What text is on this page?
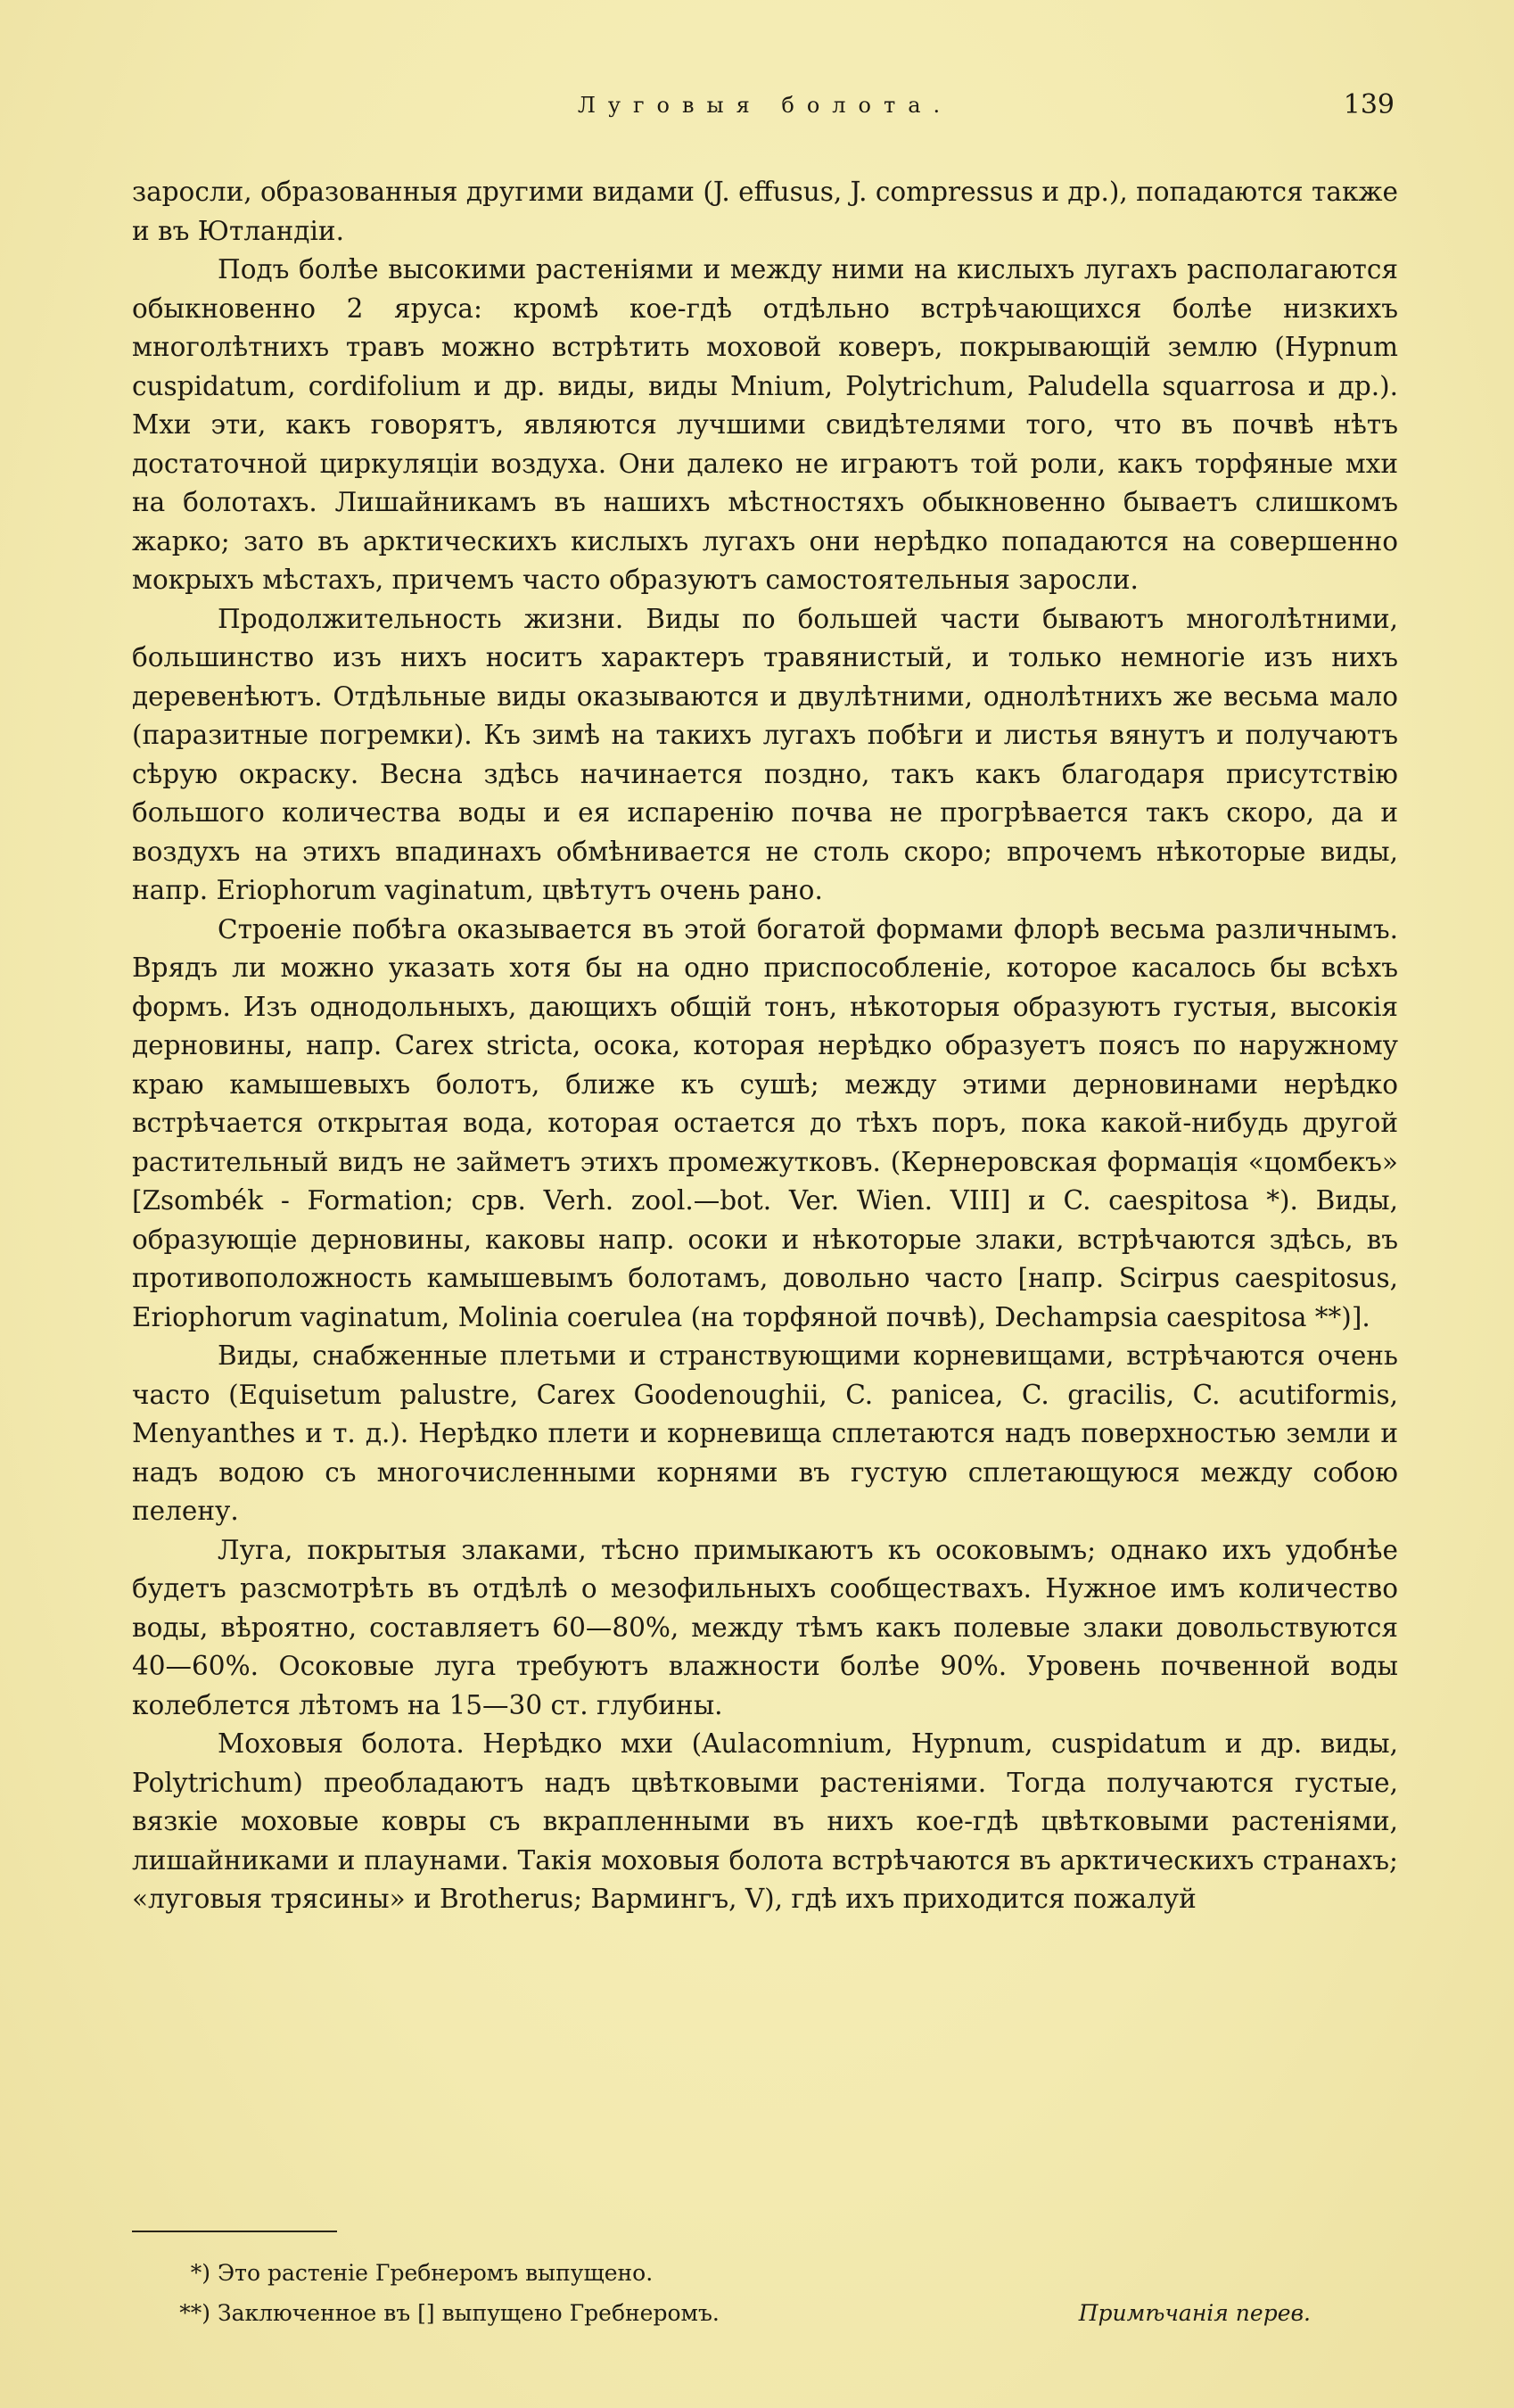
Луговыя болота.	139

заросли, образованныя другими видами (J. effusus, J. compressus и др.), попадаются также и въ Ютландіи.

Подъ болѣе высокими растеніями и между ними на кислыхъ лугахъ располагаются обыкновенно 2 яруса: кромѣ кое-гдѣ отдѣльно встрѣчающихся болѣе низкихъ многолѣтнихъ травъ можно встрѣтить моховой коверъ, покрывающій землю (Hypnum cuspidatum, cordifolium и др. виды, виды Mnium, Polytrichum, Paludella squarrosa и др.). Мхи эти, какъ говорятъ, являются лучшими свидѣтелями того, что въ почвѣ нѣтъ достаточной циркуляціи воздуха. Они далеко не играютъ той роли, какъ торфяные мхи на болотахъ. Лишайникамъ въ нашихъ мѣстностяхъ обыкновенно бываетъ слишкомъ жарко; зато въ арктическихъ кислыхъ лугахъ они нерѣдко попадаются на совершенно мокрыхъ мѣстахъ, причемъ часто образуютъ самостоятельныя заросли.

Продолжительность жизни. Виды по большей части бываютъ многолѣтними, большинство изъ нихъ носитъ характеръ травянистый, и только немногіе изъ нихъ деревенѣютъ. Отдѣльные виды оказываются и двулѣтними, однолѣтнихъ же весьма мало (паразитные погремки). Къ зимѣ на такихъ лугахъ побѣги и листья вянутъ и получаютъ сѣрую окраску. Весна здѣсь начинается поздно, такъ какъ благодаря присутствію большого количества воды и ея испаренію почва не прогрѣвается такъ скоро, да и воздухъ на этихъ впадинахъ обмѣнивается не столь скоро; впрочемъ нѣкоторые виды, напр. Eriophorum vaginatum, цвѣтутъ очень рано.

Строеніе побѣга оказывается въ этой богатой формами флорѣ весьма различнымъ. Врядъ ли можно указать хотя бы на одно приспособленіе, которое касалось бы всѣхъ формъ. Изъ однодольныхъ, дающихъ общій тонъ, нѣкоторыя образуютъ густыя, высокія дерновины, напр. Carex stricta, осока, которая нерѣдко образуетъ поясъ по наружному краю камышевыхъ болотъ, ближе къ сушѣ; между этими дерновинами нерѣдко встрѣчается открытая вода, которая остается до тѣхъ поръ, пока какой-нибудь другой растительный видъ не займетъ этихъ промежутковъ. (Кернеровская формація «цомбекъ» [Zsombék - Formation; срв. Verh. zool.—bot. Ver. Wien. VIII] и C. caespitosa *). Виды, образующіе дерновины, каковы напр. осоки и нѣкоторые злаки, встрѣчаются здѣсь, въ противоположность камышевымъ болотамъ, довольно часто [напр. Scirpus caespitosus, Eriophorum vaginatum, Molinia coerulea (на торфяной почвѣ), Dechampsia caespitosa **)].

Виды, снабженные плетьми и странствующими корневищами, встрѣчаются очень часто (Equisetum palustre, Carex Goodenoughii, C. panicea, C. gracilis, C. acutiformis, Menyanthes и т. д.). Нерѣдко плети и корневища сплетаются надъ поверхностью земли и надъ водою съ многочисленными корнями въ густую сплетающуюся между собою пелену.

Луга, покрытыя злаками, тѣсно примыкаютъ къ осоковымъ; однако ихъ удобнѣе будетъ разсмотрѣть въ отдѣлѣ о мезофильныхъ сообществахъ. Нужное имъ количество воды, вѣроятно, составляетъ 60—80%, между тѣмъ какъ полевые злаки довольствуются 40—60%. Осоковые луга требуютъ влажности болѣе 90%. Уровень почвенной воды колеблется лѣтомъ на 15—30 ст. глубины.

Моховыя болота. Нерѣдко мхи (Aulacomnium, Hypnum, cuspidatum и др. виды, Polytrichum) преобладаютъ надъ цвѣтковыми растеніями. Тогда получаются густые, вязкіе моховые ковры съ вкрапленными въ нихъ кое-гдѣ цвѣтковыми растеніями, лишайниками и плаунами. Такія моховыя болота встрѣчаются въ арктическихъ странахъ; «луговыя трясины» и Brotherus; Вармингъ, V), гдѣ ихъ приходится пожалуй

*) Это растеніе Гребнеромъ выпущено.
**) Заключенное въ [] выпущено Гребнеромъ.	Примѣчанія перев.
